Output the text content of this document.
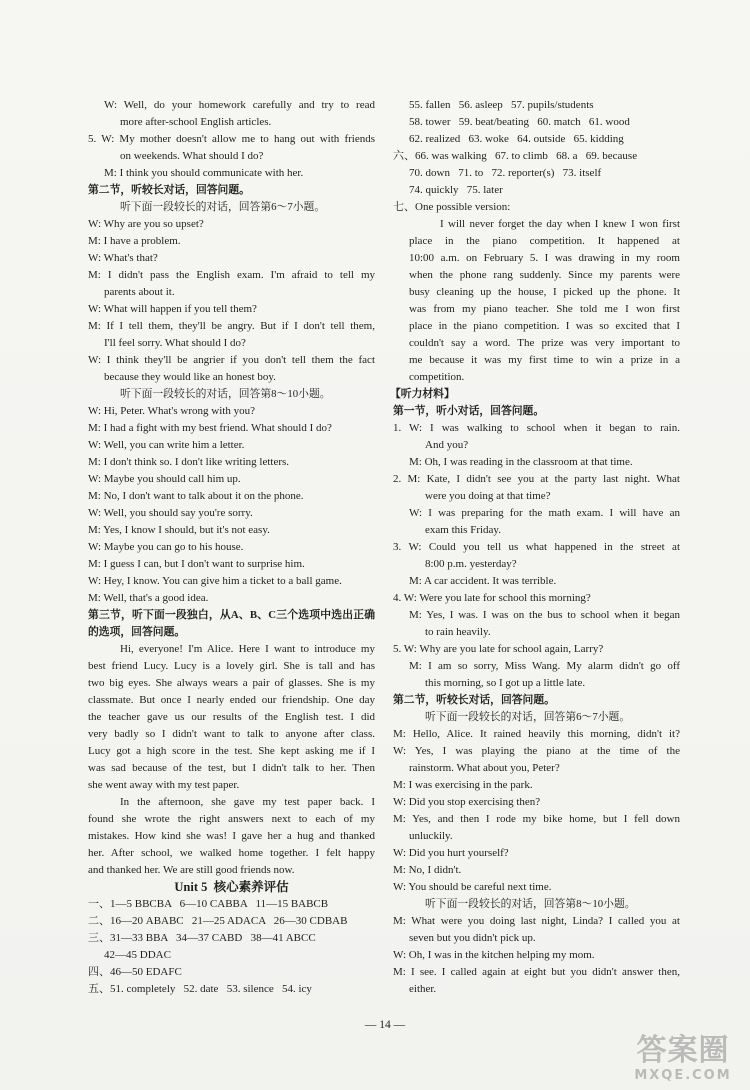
W: Well, do your homework carefully and try to read
more after-school English articles.
5. W: My mother doesn't allow me to hang out with friends
on weekends. What should I do?
M: I think you should communicate with her.
第二节，听较长对话，回答问题。
听下面一段较长的对话，回答第6～7小题。
W: Why are you so upset?
M: I have a problem.
W: What's that?
M: I didn't pass the English exam. I'm afraid to tell my
parents about it.
W: What will happen if you tell them?
M: If I tell them, they'll be angry. But if I don't tell them,
I'll feel sorry. What should I do?
W: I think they'll be angrier if you don't tell them the fact
because they would like an honest boy.
听下面一段较长的对话，回答第8～10小题。
W: Hi, Peter. What's wrong with you?
M: I had a fight with my best friend. What should I do?
W: Well, you can write him a letter.
M: I don't think so. I don't like writing letters.
W: Maybe you should call him up.
M: No, I don't want to talk about it on the phone.
W: Well, you should say you're sorry.
M: Yes, I know I should, but it's not easy.
W: Maybe you can go to his house.
M: I guess I can, but I don't want to surprise him.
W: Hey, I know. You can give him a ticket to a ball game.
M: Well, that's a good idea.
第三节，听下面一段独白，从A、B、C三个选项中选出正确
的选项，回答问题。
Hi, everyone! I'm Alice. Here I want to introduce my
best friend Lucy. Lucy is a lovely girl. She is tall and has
two big eyes. She always wears a pair of glasses. She is my
classmate. But once I nearly ended our friendship. One day
the teacher gave us our results of the English test. I did
very badly so I didn't want to talk to anyone after class.
Lucy got a high score in the test. She kept asking me if I
was sad because of the test, but I didn't talk to her. Then
she went away with my test paper.
In the afternoon, she gave my test paper back. I
found she wrote the right answers next to each of my
mistakes. How kind she was! I gave her a hug and thanked
her. After school, we walked home together. I felt happy
and thanked her. We are still good friends now.
Unit 5  核心素养评估
一、1—5 BBCBA   6—10 CABBA   11—15 BABCB
二、16—20 ABABC   21—25 ADACA   26—30 CDBAB
三、31—33 BBA   34—37 CABD   38—41 ABCC
42—45 DDAC
四、46—50 EDAFC
五、51. completely   52. date   53. silence   54. icy
55. fallen   56. asleep   57. pupils/students
58. tower   59. beat/beating   60. match   61. wood
62. realized   63. woke   64. outside   65. kidding
六、66. was walking   67. to climb   68. a   69. because
70. down   71. to   72. reporter(s)   73. itself
74. quickly   75. later
七、One possible version:
I will never forget the day when I knew I won first
place in the piano competition. It happened at
10:00 a.m. on February 5. I was drawing in my room
when the phone rang suddenly. Since my parents were
busy cleaning up the house, I picked up the phone. It
was from my piano teacher. She told me I won first
place in the piano competition. I was so excited that I
couldn't say a word. The prize was very important to
me because it was my first time to win a prize in a
competition.
【听力材料】
第一节，听小对话，回答问题。
1. W: I was walking to school when it began to rain.
And you?
M: Oh, I was reading in the classroom at that time.
2. M: Kate, I didn't see you at the party last night. What
were you doing at that time?
W: I was preparing for the math exam. I will have an
exam this Friday.
3. W: Could you tell us what happened in the street at
8:00 p.m. yesterday?
M: A car accident. It was terrible.
4. W: Were you late for school this morning?
M: Yes, I was. I was on the bus to school when it began
to rain heavily.
5. W: Why are you late for school again, Larry?
M: I am so sorry, Miss Wang. My alarm didn't go off
this morning, so I got up a little late.
第二节，听较长对话，回答问题。
听下面一段较长的对话，回答第6～7小题。
M: Hello, Alice. It rained heavily this morning, didn't it?
W: Yes, I was playing the piano at the time of the
rainstorm. What about you, Peter?
M: I was exercising in the park.
W: Did you stop exercising then?
M: Yes, and then I rode my bike home, but I fell down
unluckily.
W: Did you hurt yourself?
M: No, I didn't.
W: You should be careful next time.
听下面一段较长的对话，回答第8～10小题。
M: What were you doing last night, Linda? I called you at
seven but you didn't pick up.
W: Oh, I was in the kitchen helping my mom.
M: I see. I called again at eight but you didn't answer then,
either.
— 14 —
答案圈
MXQE.COM
